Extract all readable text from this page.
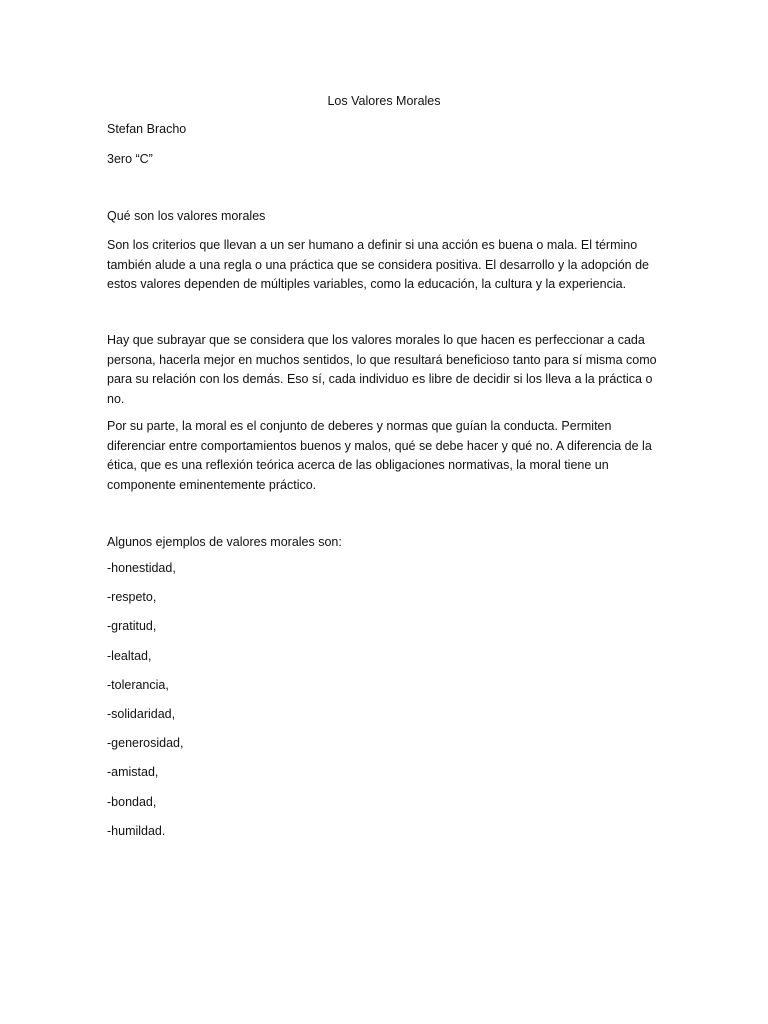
Los Valores Morales

Stefan Bracho

3ero “C”

Qué son los valores morales

Son los criterios que llevan a un ser humano a definir si una acción es buena o mala. El término también alude a una regla o una práctica que se considera positiva. El desarrollo y la adopción de estos valores dependen de múltiples variables, como la educación, la cultura y la experiencia.

Hay que subrayar que se considera que los valores morales lo que hacen es perfeccionar a cada persona, hacerla mejor en muchos sentidos, lo que resultará beneficioso tanto para sí misma como para su relación con los demás. Eso sí, cada individuo es libre de decidir si los lleva a la práctica o no.

Por su parte, la moral es el conjunto de deberes y normas que guían la conducta. Permiten diferenciar entre comportamientos buenos y malos, qué se debe hacer y qué no. A diferencia de la ética, que es una reflexión teórica acerca de las obligaciones normativas, la moral tiene un componente eminentemente práctico.

Algunos ejemplos de valores morales son:

-honestidad,
-respeto,
-gratitud,
-lealtad,
-tolerancia,
-solidaridad,
-generosidad,
-amistad,
-bondad,
-humildad.
